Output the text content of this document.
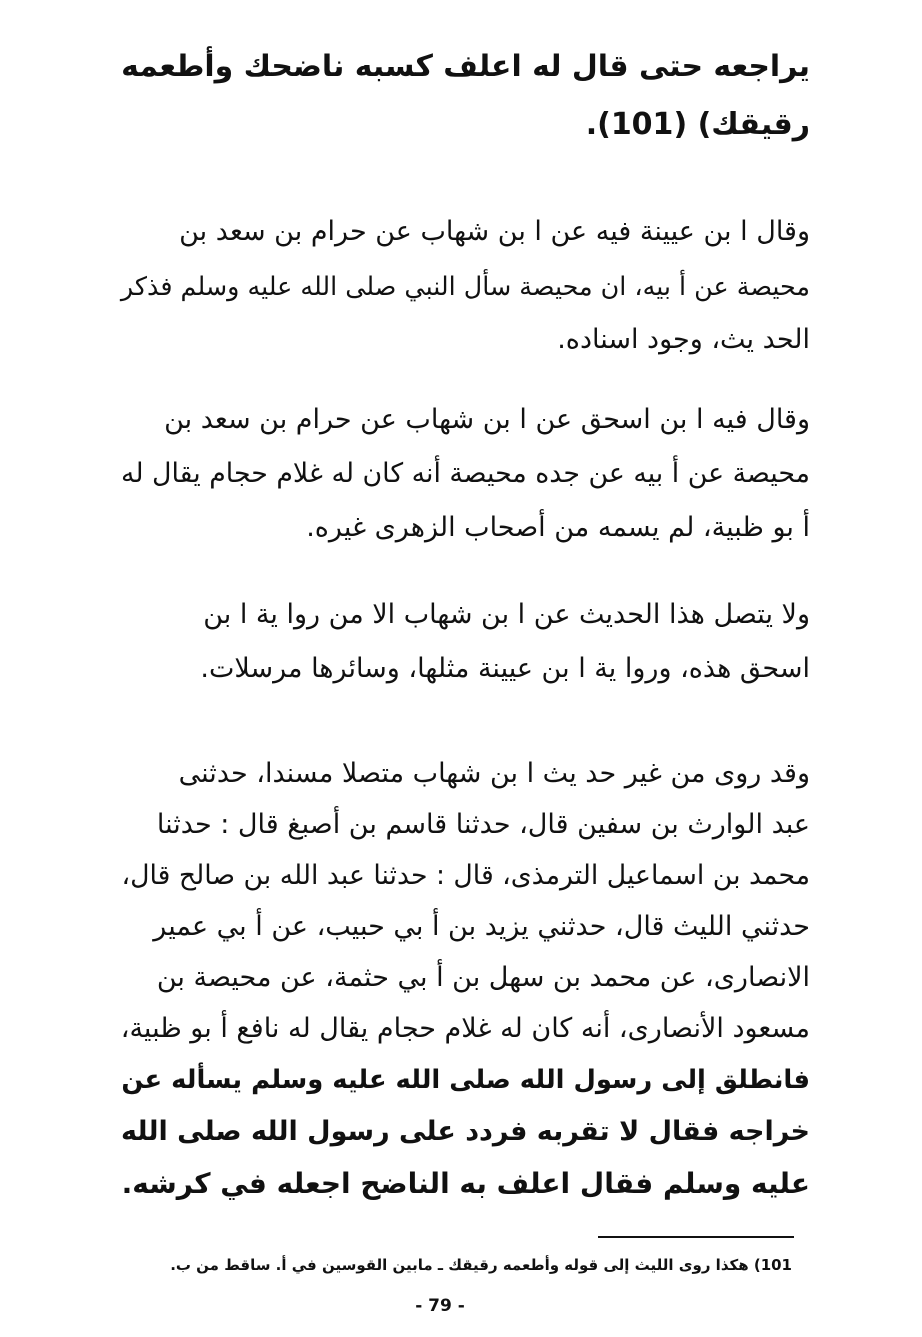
يراجعه حتى قال له اعلف كسبه ناضحك وأطعمه
رقيقك) (101).
وقال ا بن عيينة فيه عن ا بن شهاب عن حرام بن سعد بن
محيصة عن أ بيه، ان محيصة سأل النبي صلى الله عليه وسلم فذكر
الحد يث، وجود اسناده.
وقال فيه ا بن اسحق عن ا بن شهاب عن حرام بن سعد بن
محيصة عن أ بيه عن جده محيصة أنه كان له غلام حجام يقال له
أ بو ظبية، لم يسمه من أصحاب الزهرى غيره.
ولا يتصل هذا الحديث عن ا بن شهاب الا من روا ية ا بن
اسحق هذه، وروا ية ا بن عيينة مثلها، وسائرها مرسلات.
وقد روى من غير حد يث ا بن شهاب متصلا مسندا، حدثنى
عبد الوارث بن سفين قال، حدثنا قاسم بن أصبغ قال : حدثنا
محمد بن اسماعيل الترمذى، قال : حدثنا عبد الله بن صالح قال،
حدثني الليث قال، حدثني يزيد بن أ بي حبيب، عن أ بي عمير
الانصارى، عن محمد بن سهل بن أ بي حثمة، عن محيصة بن
مسعود الأنصارى، أنه كان له غلام حجام يقال له نافع أ بو ظبية،
فانطلق إلى رسول الله صلى الله عليه وسلم يسأله عن
خراجه فقال لا تقربه فردد على رسول الله صلى الله
عليه وسلم فقال اعلف به الناضح اجعله في كرشه.
101) هكذا روى الليث إلى قوله وأطعمه رقيقك ـ مابين القوسين في أ. ساقط من ب.
- 79 -
